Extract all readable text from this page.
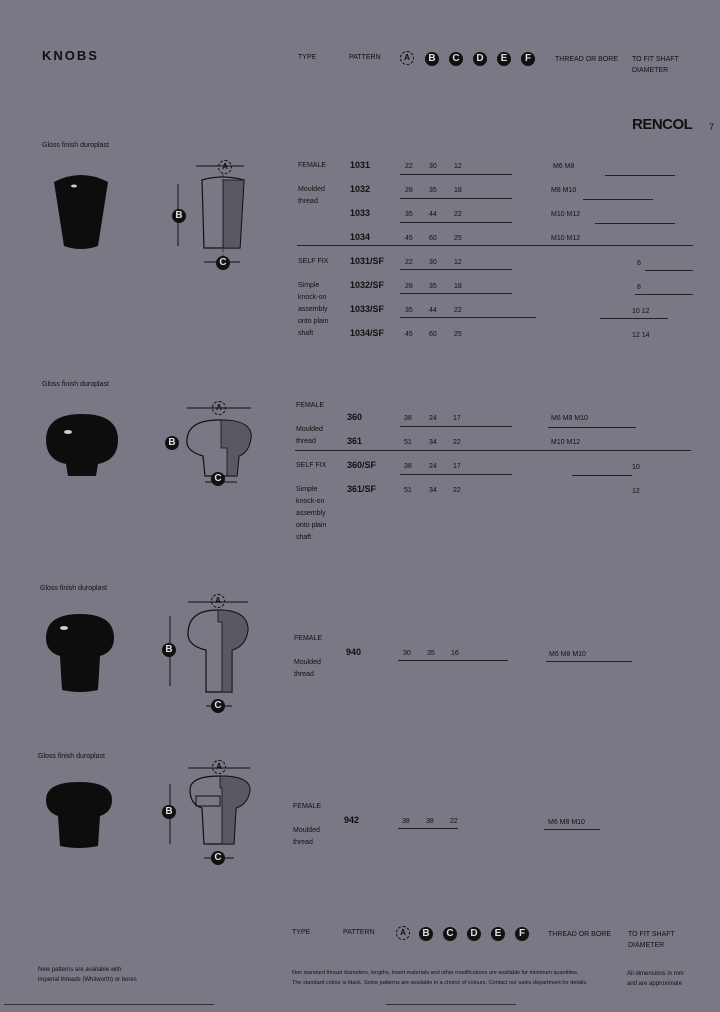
KNOBS	TYPE	PATTERN	A	B	C	D	E	F	THREAD OR BORE TO FIT SHAFT
DIAMETER
RENCOL 7
Gloss finish duroplast
A
B
C
FEMALE
Moulded
thread
SELF FIX
Simple
knock-on
assembly
onto plain
shaft
1031	22 30 12	M6 M8
1032	28 35 18	M8 M10
1033	35 44 22	M10 M12
1034	45 60 25	M10 M12
1031/SF	22 30 12	6
1032/SF	28 35 18	8
1033/SF	35 44 22	10 12
1034/SF	45 60 25	12 14
Gloss finish duroplast
A
B
C
FEMALE
Moulded
thread
SELF FIX
Simple
knock-on
assembly
onto plain
shaft
360	38 24 17	M6 M8 M10
361	51 34 22	M10 M12
360/SF	38 24 17	10
361/SF	51 34 22	12
Gloss finish duroplast
A
B
C
FEMALE
Moulded
thread
940	30 35 16	M6 M8 M10
Gloss finish duroplast
A
B
C
FEMALE
Moulded
thread
942	38 38 22	M6 M8 M10
TYPE	PATTERN	A	B	C	D	E	F	THREAD OR BORE TO FIT SHAFT
DIAMETER
New patterns are available with
imperial threads (Whitworth) or bores
Non standard thread diameters, lengths, insert materials and other modifications are available for minimum quantities.
The standard colour is black. Some patterns are available in a choice of colours. Contact our sales department for details.
All dimensions in mm
and are approximate
